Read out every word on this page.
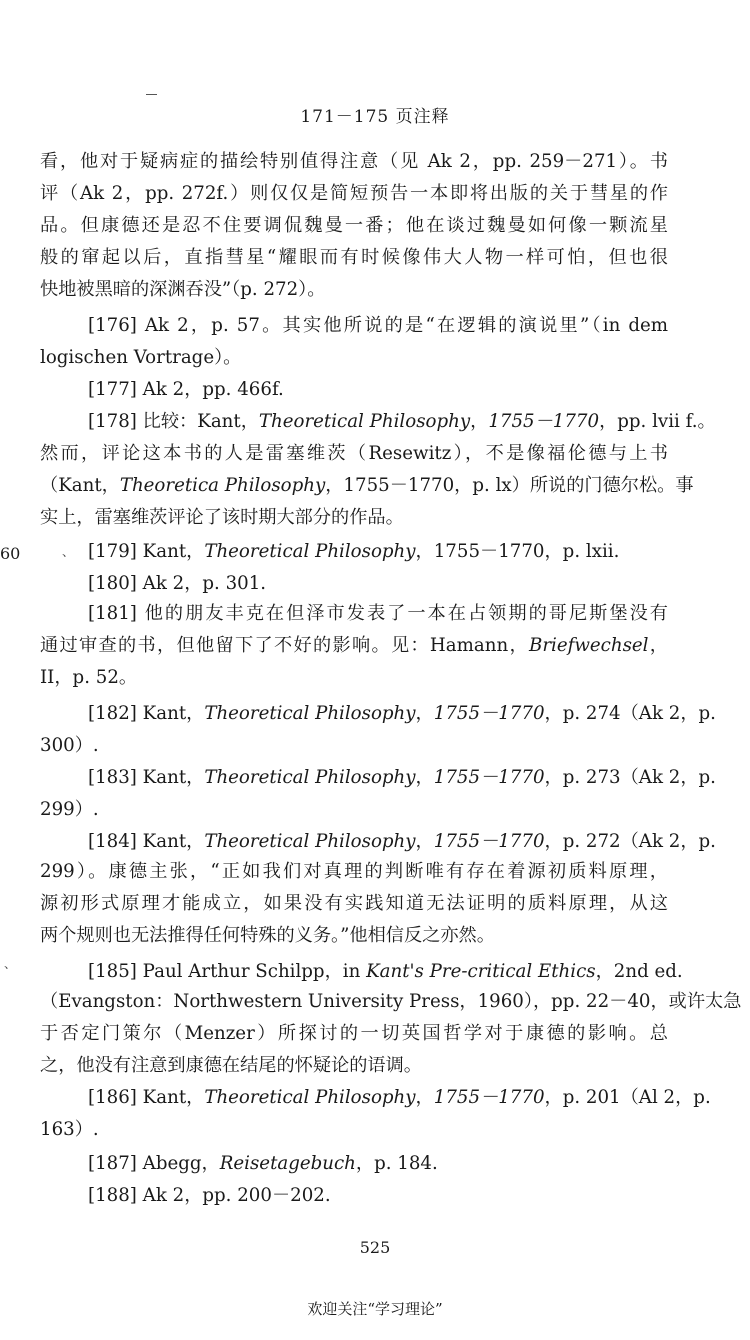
171－175 页注释
60	、
、
看，他对于疑病症的描绘特别值得注意（见 Ak 2，pp. 259－271）。书
评（Ak 2，pp. 272f.）则仅仅是简短预告一本即将出版的关于彗星的作
品。但康德还是忍不住要调侃魏曼一番；他在谈过魏曼如何像一颗流星
般的窜起以后，直指彗星“耀眼而有时候像伟大人物一样可怕，但也很
快地被黑暗的深渊吞没”（p. 272）。
[176] Ak 2，p. 57。其实他所说的是“在逻辑的演说里”（in dem
logischen Vortrage）。
[177] Ak 2，pp. 466f.
[178] 比较：Kant，Theoretical Philosophy，1755－1770，pp. lvii f.。
然而，评论这本书的人是雷塞维茨（Resewitz），不是像福伦德与上书
（Kant，Theoretica Philosophy，1755－1770，p. lx）所说的门德尔松。事
实上，雷塞维茨评论了该时期大部分的作品。
[179] Kant，Theoretical Philosophy，1755－1770，p. lxii.
[180] Ak 2，p. 301.
[181] 他的朋友丰克在但泽市发表了一本在占领期的哥尼斯堡没有
通过审查的书，但他留下了不好的影响。见：Hamann，Briefwechsel，
II，p. 52。
[182] Kant，Theoretical Philosophy，1755－1770，p. 274（Ak 2，p.
300）.
[183] Kant，Theoretical Philosophy，1755－1770，p. 273（Ak 2，p.
299）.
[184] Kant，Theoretical Philosophy，1755－1770，p. 272（Ak 2，p.
299）。康德主张，“正如我们对真理的判断唯有存在着源初质料原理，
源初形式原理才能成立，如果没有实践知道无法证明的质料原理，从这
两个规则也无法推得任何特殊的义务。”他相信反之亦然。
[185] Paul Arthur Schilpp，in Kant's Pre-critical Ethics，2nd ed.
（Evangston：Northwestern University Press，1960），pp. 22－40，或许太急
于否定门策尔（Menzer）所探讨的一切英国哲学对于康德的影响。总
之，他没有注意到康德在结尾的怀疑论的语调。
[186] Kant，Theoretical Philosophy，1755－1770，p. 201（Al 2，p.
163）.
[187] Abegg，Reisetagebuch，p. 184.
[188] Ak 2，pp. 200－202.
525
欢迎关注“学习理论”
